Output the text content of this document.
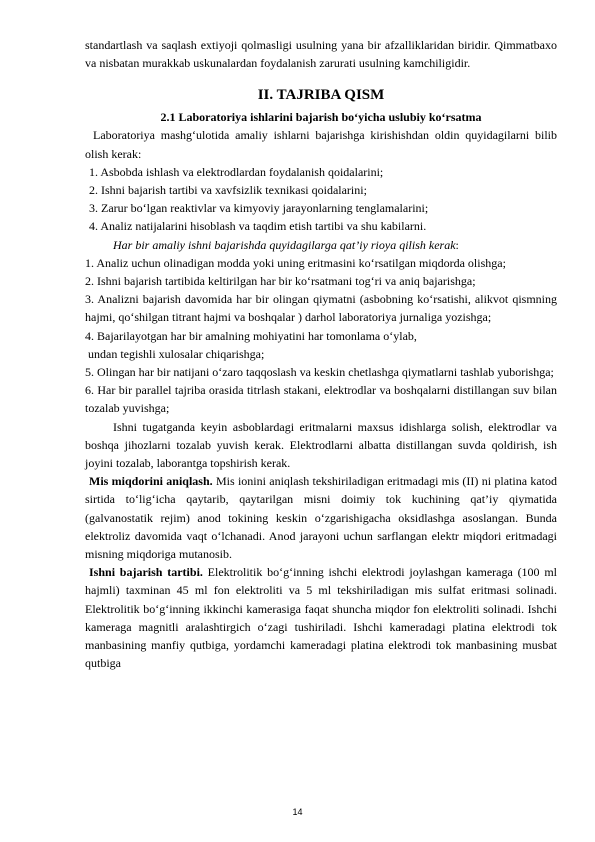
standartlash va saqlash extiyoji qolmasligi usulning yana bir afzalliklaridan biridir. Qimmatbaxo va nisbatan murakkab uskunalardan foydalanish zarurati usulning kamchiligidir.

II. TAJRIBA QISM
2.1 Laboratoriya ishlarini bajarish bo‘yicha uslubiy ko‘rsatma

Laboratoriya mashg‘ulotida amaliy ishlarni bajarishga kirishishdan oldin quyidagilarni bilib olish kerak:

1. Asbobda ishlash va elektrodlardan foydalanish qoidalarini;

2. Ishni bajarish tartibi va xavfsizlik texnikasi qoidalarini;

3. Zarur bo‘lgan reaktivlar va kimyoviy jarayonlarning tenglamalarini;

4. Analiz natijalarini hisoblash va taqdim etish tartibi va shu kabilarni.

Har bir amaliy ishni bajarishda quyidagilarga qat’iy rioya qilish kerak:

1. Analiz uchun olinadigan modda yoki uning eritmasini ko‘rsatilgan miqdorda olishga;

2. Ishni bajarish tartibida keltirilgan har bir ko‘rsatmani tog‘ri va aniq bajarishga;

3. Analizni bajarish davomida har bir olingan qiymatni (asbobning ko‘rsatishi, alikvot qismning hajmi, qo‘shilgan titrant hajmi va boshqalar ) darhol laboratoriya jurnaliga yozishga;

4. Bajarilayotgan har bir amalning mohiyatini har tomonlama o‘ylab,

undan tegishli xulosalar chiqarishga;

5. Olingan har bir natijani o‘zaro taqqoslash va keskin chetlashga qiymatlarni tashlab yuborishga;

6. Har bir parallel tajriba orasida titrlash stakani, elektrodlar va boshqalarni distillangan suv bilan tozalab yuvishga;

Ishni tugatganda keyin asboblardagi eritmalarni maxsus idishlarga solish, elektrodlar va boshqa jihozlarni tozalab yuvish kerak. Elektrodlarni albatta distillangan suvda qoldirish, ish joyini tozalab, laborantga topshirish kerak.

Mis miqdorini aniqlash. Mis ionini aniqlash tekshiriladigan eritmadagi mis (II) ni platina katod sirtida to‘lig‘icha qaytarib, qaytarilgan misni doimiy tok kuchining qat’iy qiymatida (galvanostatik rejim) anod tokining keskin o‘zgarishigacha oksidlashga asoslangan. Bunda elektroliz davomida vaqt o‘lchanadi. Anod jarayoni uchun sarflangan elektr miqdori eritmadagi misning miqdoriga mutanosib.

Ishni bajarish tartibi. Elektrolitik bo‘g‘inning ishchi elektrodi joylashgan kameraga (100 ml hajmli) taxminan 45 ml fon elektroliti va 5 ml tekshiriladigan mis sulfat eritmasi solinadi. Elektrolitik bo‘g‘inning ikkinchi kamerasiga faqat shuncha miqdor fon elektroliti solinadi. Ishchi kameraga magnitli aralashtirgich o‘zagi tushiriladi. Ishchi kameradagi platina elektrodi tok manbasining manfiy qutbiga, yordamchi kameradagi platina elektrodi tok manbasining musbat qutbiga

14
